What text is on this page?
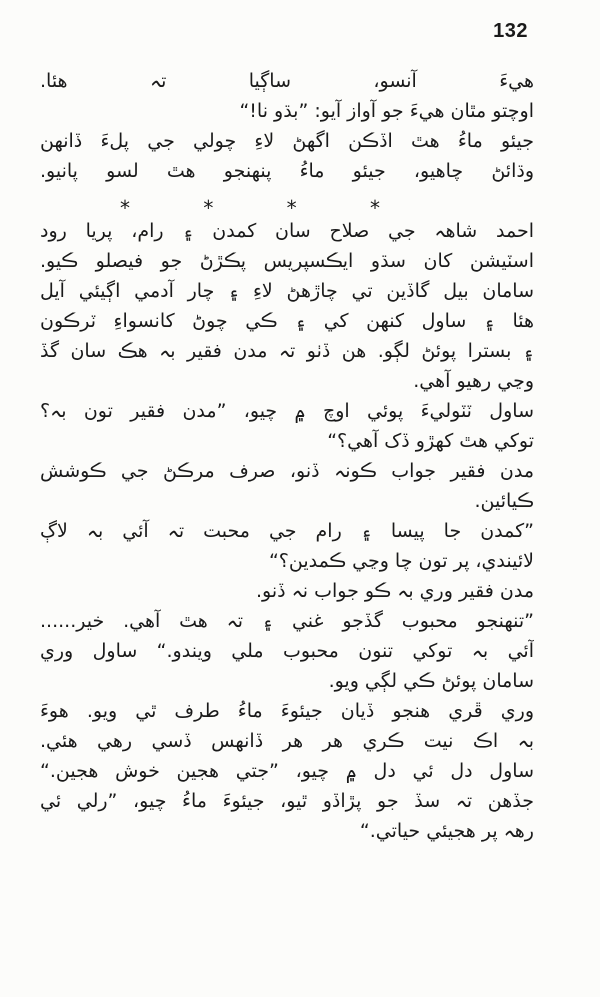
132
هيءَ آنسو، ساڳيا تہ ھئا.
اوچتو مٿان ھيءَ جو آواز آيو: ”بڌو نا!“
جيئو ماءُ ھٿ اڏڪن اگھڻ لاءِ چولي جي پلءَ ڏانھن
وڌائڻ چاھيو، جيئو ماءُ پنھنجو ھٿ لسو پانيو.
احمد شاھہ جي صلاح سان کمدن ۽ رام، پريا رود
اسٽيشن کان سڌو ايڪسپريس پڪڙڻ جو فيصلو ڪيو.
سامان بيل گاڏين تي چاڙھڻ لاءِ ۽ چار آدمي اڳيئي آيل
ھئا ۽ ساول کنھن کي ۽ ڪي چوڻ کانسواءِ ٽرڪون
۽ بسترا پوئڻ لڳو. ھن ڏٺو تہ مدن فقير بہ ھڪ سان گڏ
وڃي رھيو آھي.
ساول ٽٽوليءَ پوئي اوچ ۾ چيو، ”مدن فقير تون بہ؟
توکي ھٿ کھڙو ڏک آھي؟“
مدن فقير جواب ڪونہ ڏنو، صرف مرڪڻ جي ڪوشش
ڪيائين.
”کمدن جا پيسا ۽ رام جي محبت تہ آئي بہ لاڳ
لائيندي، پر تون چا وڃي ڪمدين؟“
مدن فقير وري بہ ڪو جواب نہ ڏنو.
”تنھنجو محبوب گڏجو غني ۽ تہ ھٿ آھي. خير......
آئي بہ توکي تنون محبوب ملي ويندو.“ ساول وري
سامان پوئڻ ڪي لڳي ويو.
وري ڦري ھنجو ڏيان جيئوءَ ماءُ طرف ٿي ويو. ھوءَ
بہ اڪ نيت ڪري ھر ھر ڏانھس ڏسي رھي ھئي.
ساول دل ئي دل ۾ چيو، ”جتي ھجين خوش ھجين.“
جڏھن تہ سڏ جو پڙاڏو ٿيو، جيئوءَ ماءُ چيو، ”رلي ئي
رھہ پر ھجيئي حياتي.“
*	*	*	*
